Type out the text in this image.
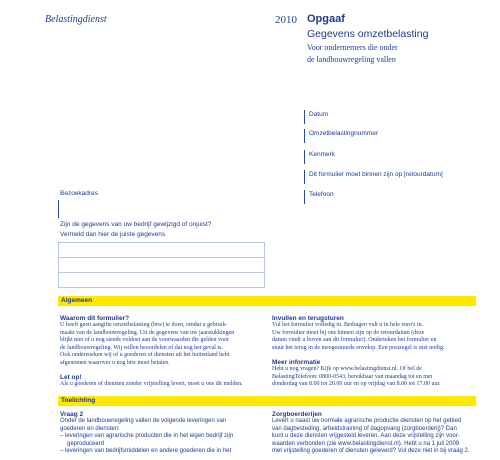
Belastingdienst	2010 Opgaaf
Gegevens omzetbelasting
Voor ondernemers die onder
de landbouwregeling vallen
Datum
Omzetbelastingnummer
Kenmerk
Dit formulier moet binnen zijn op [retourdatum]
Telefoon
Bezoekadres
Zijn de gegevens van uw bedrijf gewijzigd of onjuist?
Vermeld dan hier de juiste gegevens
Algemeen
Waarom dit formulier?
U hoeft geen aangifte omzetbelasting (btw) te doen, omdat u gebruik-
maakt van de landbouwregeling. Uit de gegevens van uw jaarstukkingen
blijkt niet of u nog steeds voldoet aan de voorwaarden die gelden voor
de landbouwregeling. Wij willen beoordelen of dat nog het geval is.
Ook onderzoeken wij of u goederen of diensten uit het buitenland hebt
afgenomen waarover u nog btw moet betalen.
Let op!
Als u goederen of diensten zonder vrijstelling levert, moet u ons dit melden.
Invullen en terugsturen
Vul het formulier volledig in. Bedragen vult u in hele euro's in.
Uw formulier moet bij ons binnen zijn op de retourdatum (deze
datum vindt u boven aan dit formulier). Onderteken het formulier en
stuur het terug in de meegestuurde envelop. Een postzegel is niet nodig.
Meer informatie
Hebt u nog vragen? Kijk op www.belastingdienst.nl. Of bel de
BelastingTelefoon: 0800-0543, bereikbaar van maandag tot en met
donderdag van 8.00 tot 20.00 uur en op vrijdag van 8.00 tot 17.00 uur.
Toelichting
Vraag 2
Onder de landbouwregeling vallen de volgende leveringen van
goederen en diensten:
– leveringen van agrarische producten die in het eigen bedrijf zijn
geproduceerd
– leveringen van bedrijfsmiddelen en andere goederen die in het
Zorgboerderijen
Levert u naast uw normale agrarische productie diensten op het gebied
van dagbesteding, arbeidstraining of dagopvang (zorgboerderij)? Dan
kunt u deze diensten vrijgesteld leveren. Aan deze vrijstelling zijn voor-
waarden verbonden (zie www.belastingdienst.nl). Hebt u na 1 juli 2009
met vrijstelling goederen of diensten geleverd? Vul deze niet in bij vraag 2.
